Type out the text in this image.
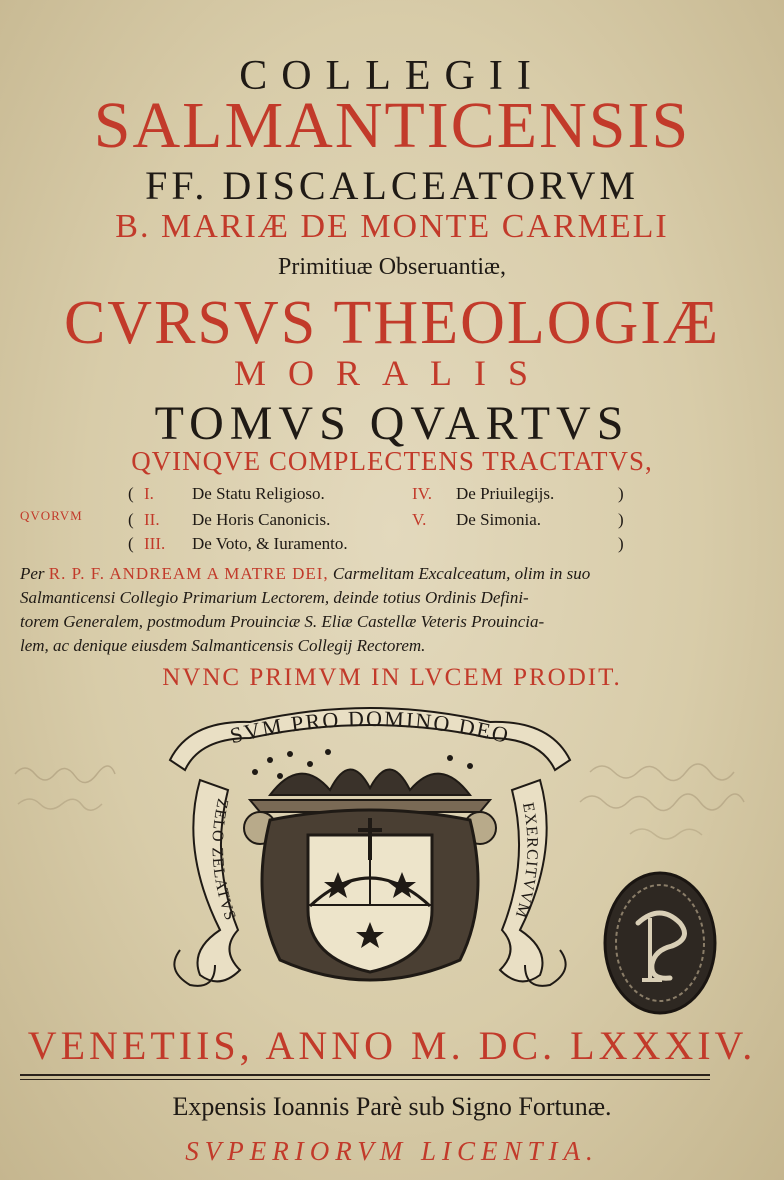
COLLEGII
SALMANTICENSIS
FF. DISCALCEATORVM
B. MARIÆ DE MONTE CARMELI
Primitiuæ Obseruantiæ,
CVRSVS THEOLOGIÆ
MORALIS
TOMVS QVARTVS
QVINQVE COMPLECTENS TRACTATVS,
QVORVM
(
(
(
I. De Statu Religioso.
II. De Horis Canonicis.
III. De Voto, & Iuramento.
IV. De Priuilegijs.
V. De Simonia.
)
)
)
Per R. P. F. ANDREAM A MATRE DEI, Carmelitam Excalceatum, olim in suo
Salmanticensi Collegio Primarium Lectorem, deinde totius Ordinis Defini-
torem Generalem, postmodum Prouinciæ S. Eliæ Castellæ Veteris Prouincia-
lem, ac denique eiusdem Salmanticensis Collegij Rectorem.
NVNC PRIMVM IN LVCEM PRODIT.
SVM PRO DOMINO DEO
ZELO ZELATVS
EXERCITVVM
VENETIIS, ANNO M. DC. LXXXIV.
Expensis Ioannis Parè sub Signo Fortunæ.
SVPERIORVM LICENTIA.
